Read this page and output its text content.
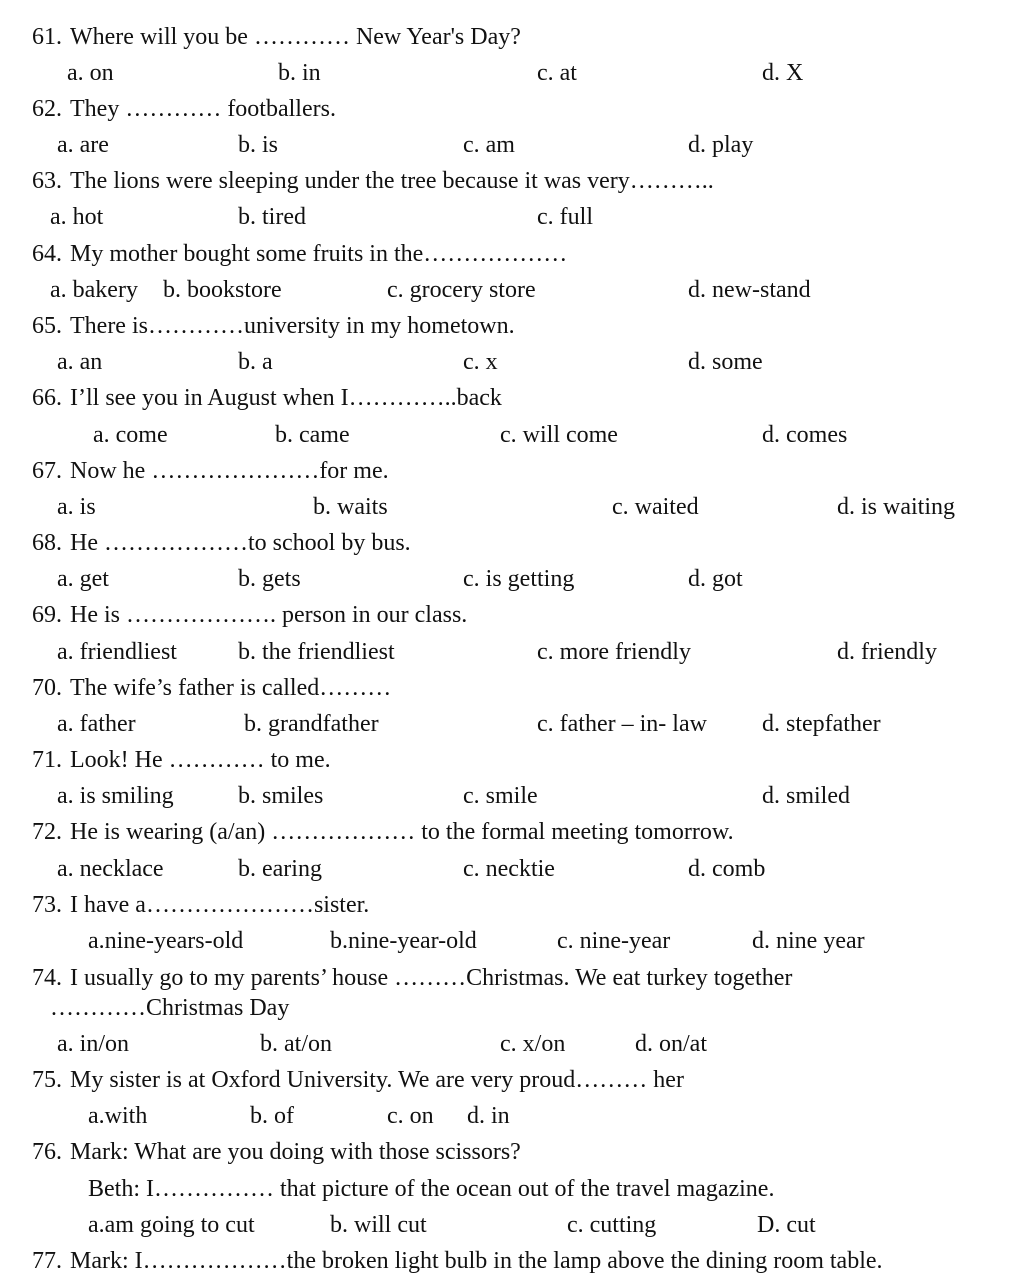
61. Where will you be ………… New Year's Day?
a. on	b. in	c. at	d. X
62. They ………… footballers.
a. are	b. is	c. am	d. play
63. The lions were sleeping under the tree because it was very………..
a. hot	b. tired	c. full
64. My mother bought some fruits in the………………
a. bakery b. bookstore	c. grocery store	d. new-stand
65. There is…………university in my hometown.
a. an	b. a	c. x	d. some
66. I’ll see you in August when I…………..back
a. come	b. came	c. will come	d. comes
67. Now he …………………for me.
a. is	b. waits	c. waited	d. is waiting
68. He ………………to school by bus.
a. get	b. gets	c. is getting	d. got
69. He is ………………. person in our class.
a. friendliest	b. the friendliest	c. more friendly	d. friendly
70. The wife’s father is called………
a. father	b. grandfather	c. father – in- law d. stepfather
71. Look! He ………… to me.
a. is smiling	b. smiles	c. smile	d. smiled
72. He is wearing (a/an) ……………… to the formal meeting tomorrow.
a. necklace	b. earing	c. necktie	d. comb
73. I have a…………………sister.
a.nine-years-old	b.nine-year-old	c. nine-year	d. nine year
74. I usually go to my parents’ house ………Christmas. We eat turkey together
…………Christmas Day
a. in/on	b. at/on	c. x/on	d. on/at
75. My sister is at Oxford University. We are very proud……… her
a.with	b. of	c. on d. in
76. Mark: What are you doing with those scissors?
Beth: I…………… that picture of the ocean out of the travel magazine.
a.am going to cut	b. will cut	c. cutting	D. cut
77. Mark: I………………the broken light bulb in the lamp above the dining room table.
